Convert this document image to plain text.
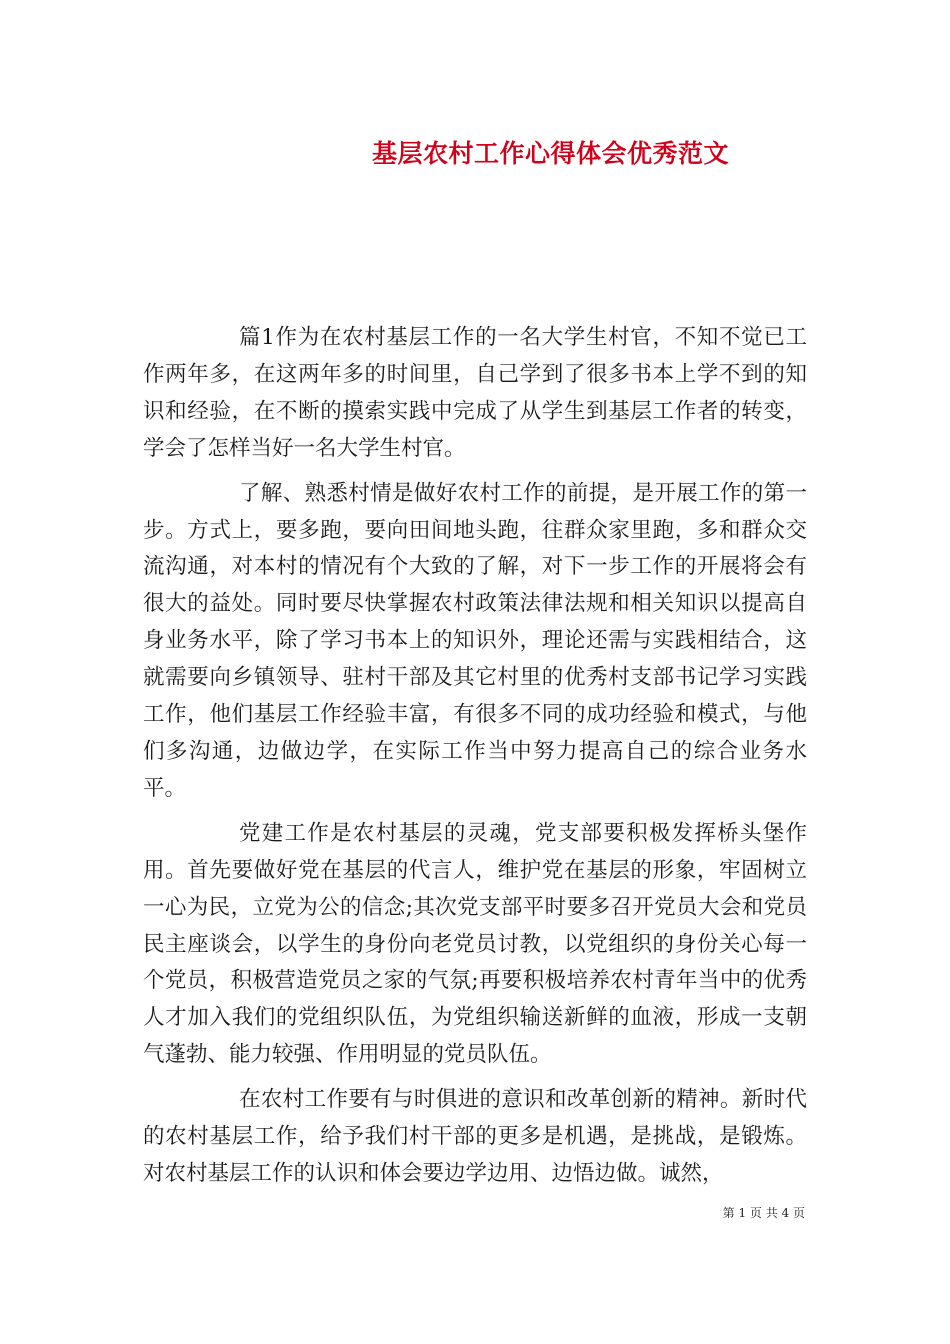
基层农村工作心得体会优秀范文

篇1作为在农村基层工作的一名大学生村官，不知不觉已工作两年多，在这两年多的时间里，自己学到了很多书本上学不到的知识和经验，在不断的摸索实践中完成了从学生到基层工作者的转变，学会了怎样当好一名大学生村官。

了解、熟悉村情是做好农村工作的前提，是开展工作的第一步。方式上，要多跑，要向田间地头跑，往群众家里跑，多和群众交流沟通，对本村的情况有个大致的了解，对下一步工作的开展将会有很大的益处。同时要尽快掌握农村政策法律法规和相关知识以提高自身业务水平，除了学习书本上的知识外，理论还需与实践相结合，这就需要向乡镇领导、驻村干部及其它村里的优秀村支部书记学习实践工作，他们基层工作经验丰富，有很多不同的成功经验和模式，与他们多沟通，边做边学，在实际工作当中努力提高自己的综合业务水平。

党建工作是农村基层的灵魂，党支部要积极发挥桥头堡作用。首先要做好党在基层的代言人，维护党在基层的形象，牢固树立一心为民，立党为公的信念;其次党支部平时要多召开党员大会和党员民主座谈会，以学生的身份向老党员讨教，以党组织的身份关心每一个党员，积极营造党员之家的气氛;再要积极培养农村青年当中的优秀人才加入我们的党组织队伍，为党组织输送新鲜的血液，形成一支朝气蓬勃、能力较强、作用明显的党员队伍。

在农村工作要有与时俱进的意识和改革创新的精神。新时代的农村基层工作，给予我们村干部的更多是机遇，是挑战，是锻炼。对农村基层工作的认识和体会要边学边用、边悟边做。诚然，

第 1 页 共 4 页
